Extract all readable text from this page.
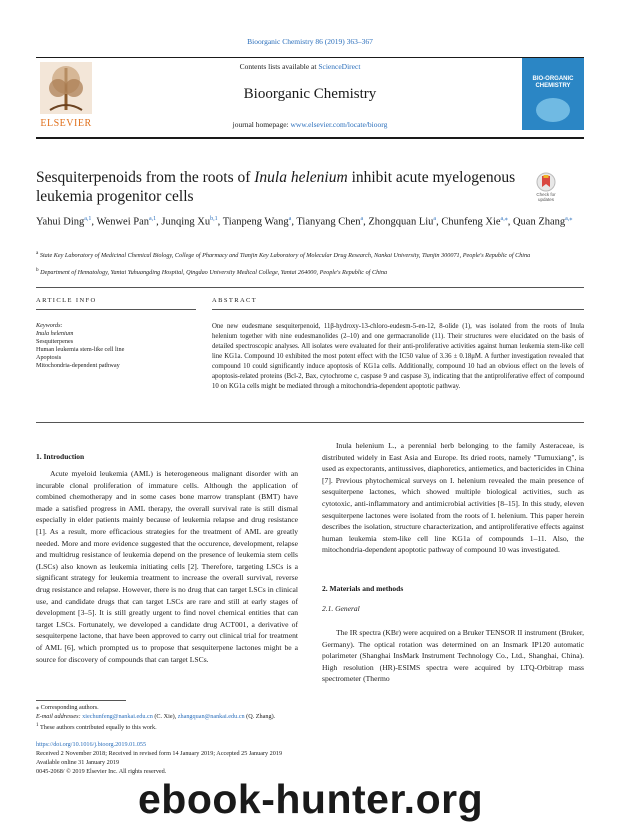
Bioorganic Chemistry 86 (2019) 363–367
ELSEVIER
Contents lists available at ScienceDirect
Bioorganic Chemistry
journal homepage: www.elsevier.com/locate/bioorg
BIO-ORGANIC CHEMISTRY
Sesquiterpenoids from the roots of Inula helenium inhibit acute myelogenous leukemia progenitor cells	Check for
updates
Yahui Ding$^{a,1}$, Wenwei Pan$^{a,1}$, Junqing Xu$^{b,1}$, Tianpeng Wang$^a$, Tianyang Chen$^a$, Zhongquan Liu$^a$, Chunfeng Xie$^{a,⁎}$, Quan Zhang$^{a,⁎}$
$^a$ State Key Laboratory of Medicinal Chemical Biology, College of Pharmacy and Tianjin Key Laboratory of Molecular Drug Research, Nankai University, Tianjin 300071, People's Republic of China
$^b$ Department of Hematology, Yantai Yuhuangding Hospital, Qingdao University Medical College, Yantai 264000, People's Republic of China
ARTICLE INFO	ABSTRACT
Keywords:
Inula helenium
Sesquiterpenes
Human leukemia stem-like cell line
Apoptosis
Mitochondria-dependent pathway
One new eudesmane sesquiterpenoid, 11β-hydroxy-13-chloro-eudesm-5-en-12, 8-olide (1), was isolated from the roots of Inula helenium together with nine eudesmanolides (2–10) and one germacranolide (11). Their structures were elucidated on the basis of detailed spectroscopic analyses. All isolates were evaluated for their anti-proliferative activities against human leukemia stem-like cell line KG1a. Compound 10 exhibited the most potent effect with the IC50 value of 3.36 ± 0.18μM. A further investigation revealed that compound 10 could significantly induce apoptosis of KG1a cells. Additionally, compound 10 had an obvious effect on the levels of apoptosis-related proteins (Bcl-2, Bax, cytochrome c, caspase 9 and caspase 3), indicating that the antiproliferative effect of compound 10 on KG1a cells might be mediated through a mitochondria-dependent apoptotic pathway.
1. Introduction
Acute myeloid leukemia (AML) is heterogeneous malignant disorder with an incurable clonal proliferation of immature cells. Although the application of combined chemotherapy and in some cases bone marrow transplant (BMT) have made a satisfied progress in AML therapy, the overall survival rate is still dismal especially in elder patients mainly because of leukemia relapse and drug resistance [1]. As a result, more efficacious strategies for the treatment of AML are greatly needed. More and more evidence suggested that the occurence, development, relapse and multidrug resistance of leukemia depend on the presence of leukemia stem cells (LSCs) also known as leukemia initiating cells [2]. Therefore, targeting LSCs is a significant strategy for leukemia treatment to increase the overall survival, reverse drug resistance and relapse. However, there is no drug that can target LSCs in clinical use, and candidate drugs that can target LSCs are rare and still at early stages of development [3–5]. It is still greatly urgent to find novel chemical entities that can target LSCs. Fortunately, we developed a candidate drug ACT001, a derivative of sesquiterpene lactone, that have been approved to carry out clinical trial for treatment of AML [6], which prompted us to propose that sesquiterpene lactones might be a source for discovery of compounds that can target LSCs.
Inula helenium L., a perennial herb belonging to the family Asteraceae, is distributed widely in East Asia and Europe. Its dried roots, namely "Tumuxiang", is used as expectorants, antitussives, diaphoretics, antiemetics, and bactericides in China [7]. Previous phytochemical surveys on I. helenium revealed the main presence of sesquiterpene lactones, which showed multiple biological activities, such as cytotoxic, anti-inflammatory and antimicrobial activities [8–15]. In this study, eleven sesquiterpene lactones were isolated from the roots of I. helenium. This paper herein describes the isolation, structure characterization, and antiproliferative effects against human leukemia stem-like cell line KG1a of compounds 1–11. Also, the mitochondria-dependent apoptotic pathway of compound 10 was investigated.
2. Materials and methods
2.1. General
The IR spectra (KBr) were acquired on a Bruker TENSOR II instrument (Bruker, Germany). The optical rotation was determined on an Insmark IP120 automatic polarimeter (Shanghai InsMark Instrument Technology Co., Ltd., Shanghai, China). High resolution (HR)-ESIMS spectra were acquired by LTQ-Orbitrap mass spectrometer (Thermo
⁎ Corresponding authors.
E-mail addresses: xiechunfeng@nankai.edu.cn (C. Xie), zhangquan@nankai.edu.cn (Q. Zhang).
$^1$ These authors contributed equally to this work.
https://doi.org/10.1016/j.bioorg.2019.01.055
Received 2 November 2018; Received in revised form 14 January 2019; Accepted 25 January 2019
Available online 31 January 2019
0045-2068/ © 2019 Elsevier Inc. All rights reserved.
ebook-hunter.org
